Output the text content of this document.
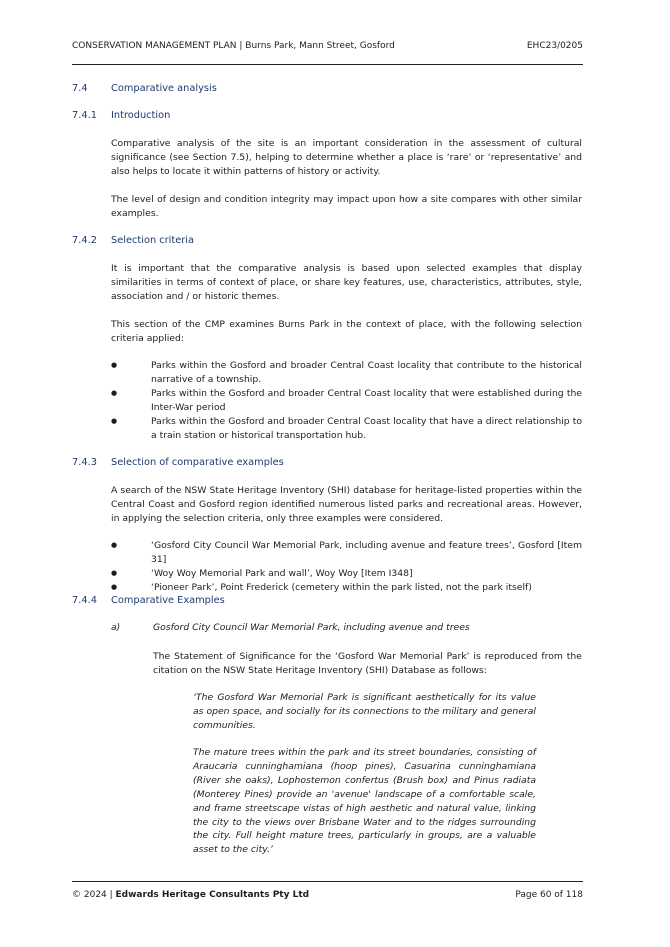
CONSERVATION MANAGEMENT PLAN | Burns Park, Mann Street, Gosford	EHC23/0205
7.4 Comparative analysis
7.4.1 Introduction

Comparative analysis of the site is an important consideration in the assessment of cultural significance (see Section 7.5), helping to determine whether a place is ‘rare’ or ‘representative’ and also helps to locate it within patterns of history or activity.

The level of design and condition integrity may impact upon how a site compares with other similar examples.

7.4.2 Selection criteria

It is important that the comparative analysis is based upon selected examples that display similarities in terms of context of place, or share key features, use, characteristics, attributes, style, association and / or historic themes.

This section of the CMP examines Burns Park in the context of place, with the following selection criteria applied:

●	Parks within the Gosford and broader Central Coast locality that contribute to the historical narrative of a township.
●	Parks within the Gosford and broader Central Coast locality that were established during the Inter-War period
●	Parks within the Gosford and broader Central Coast locality that have a direct relationship to a train station or historical transportation hub.
7.4.3 Selection of comparative examples

A search of the NSW State Heritage Inventory (SHI) database for heritage-listed properties within the Central Coast and Gosford region identified numerous listed parks and recreational areas. However, in applying the selection criteria, only three examples were considered.

●	‘Gosford City Council War Memorial Park, including avenue and feature trees’, Gosford [Item 31]
●	‘Woy Woy Memorial Park and wall’, Woy Woy [Item I348]
●	‘Pioneer Park’, Point Frederick (cemetery within the park listed, not the park itself)
7.4.4 Comparative Examples
a)	Gosford City Council War Memorial Park, including avenue and trees

The Statement of Significance for the ‘Gosford War Memorial Park’ is reproduced from the citation on the NSW State Heritage Inventory (SHI) Database as follows:

‘The Gosford War Memorial Park is significant aesthetically for its value as open space, and socially for its connections to the military and general communities.

The mature trees within the park and its street boundaries, consisting of Araucaria cunninghamiana (hoop pines), Casuarina cunninghamiana (River she oaks), Lophostemon confertus (Brush box) and Pinus radiata (Monterey Pines) provide an 'avenue' landscape of a comfortable scale, and frame streetscape vistas of high aesthetic and natural value, linking the city to the views over Brisbane Water and to the ridges surrounding the city. Full height mature trees, particularly in groups, are a valuable asset to the city.’

© 2024 | Edwards Heritage Consultants Pty Ltd	Page 60 of 118
